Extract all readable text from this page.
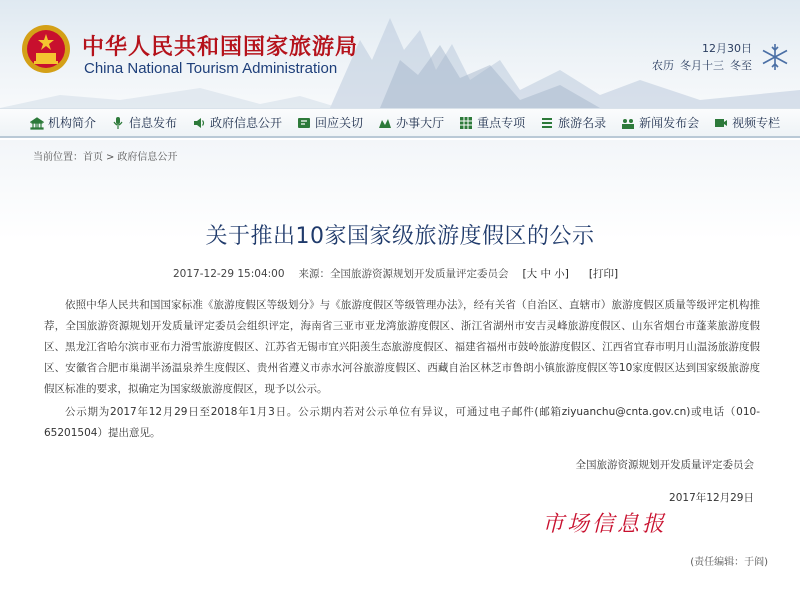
中华人民共和国国家旅游局
China National Tourism Administration
12月30日
农历 冬月十三 冬至
机构简介	信息发布	政府信息公开	回应关切	办事大厅	重点专项	旅游名录	新闻发布会	视频专栏
当前位置：首页 > 政府信息公开
关于推出10家国家级旅游度假区的公示
2017-12-29 15:04:00 来源：全国旅游资源规划开发质量评定委员会 [大 中 小] [打印]

依照中华人民共和国国家标准《旅游度假区等级划分》与《旅游度假区等级管理办法》，经有关省（自治区、直辖市）旅游度假区质量等级评定机构推荐，全国旅游资源规划开发质量评定委员会组织评定，海南省三亚市亚龙湾旅游度假区、浙江省湖州市安吉灵峰旅游度假区、山东省烟台市蓬莱旅游度假区、黑龙江省哈尔滨市亚布力滑雪旅游度假区、江苏省无锡市宜兴阳羡生态旅游度假区、福建省福州市鼓岭旅游度假区、江西省宜春市明月山温汤旅游度假区、安徽省合肥市巢湖半汤温泉养生度假区、贵州省遵义市赤水河谷旅游度假区、西藏自治区林芝市鲁朗小镇旅游度假区等10家度假区达到国家级旅游度假区标准的要求，拟确定为国家级旅游度假区，现予以公示。

公示期为2017年12月29日至2018年1月3日。公示期内若对公示单位有异议，可通过电子邮件(邮箱ziyuanchu@cnta.gov.cn)或电话（010-65201504）提出意见。

全国旅游资源规划开发质量评定委员会
2017年12月29日
市场信息报
(责任编辑：于阎)
